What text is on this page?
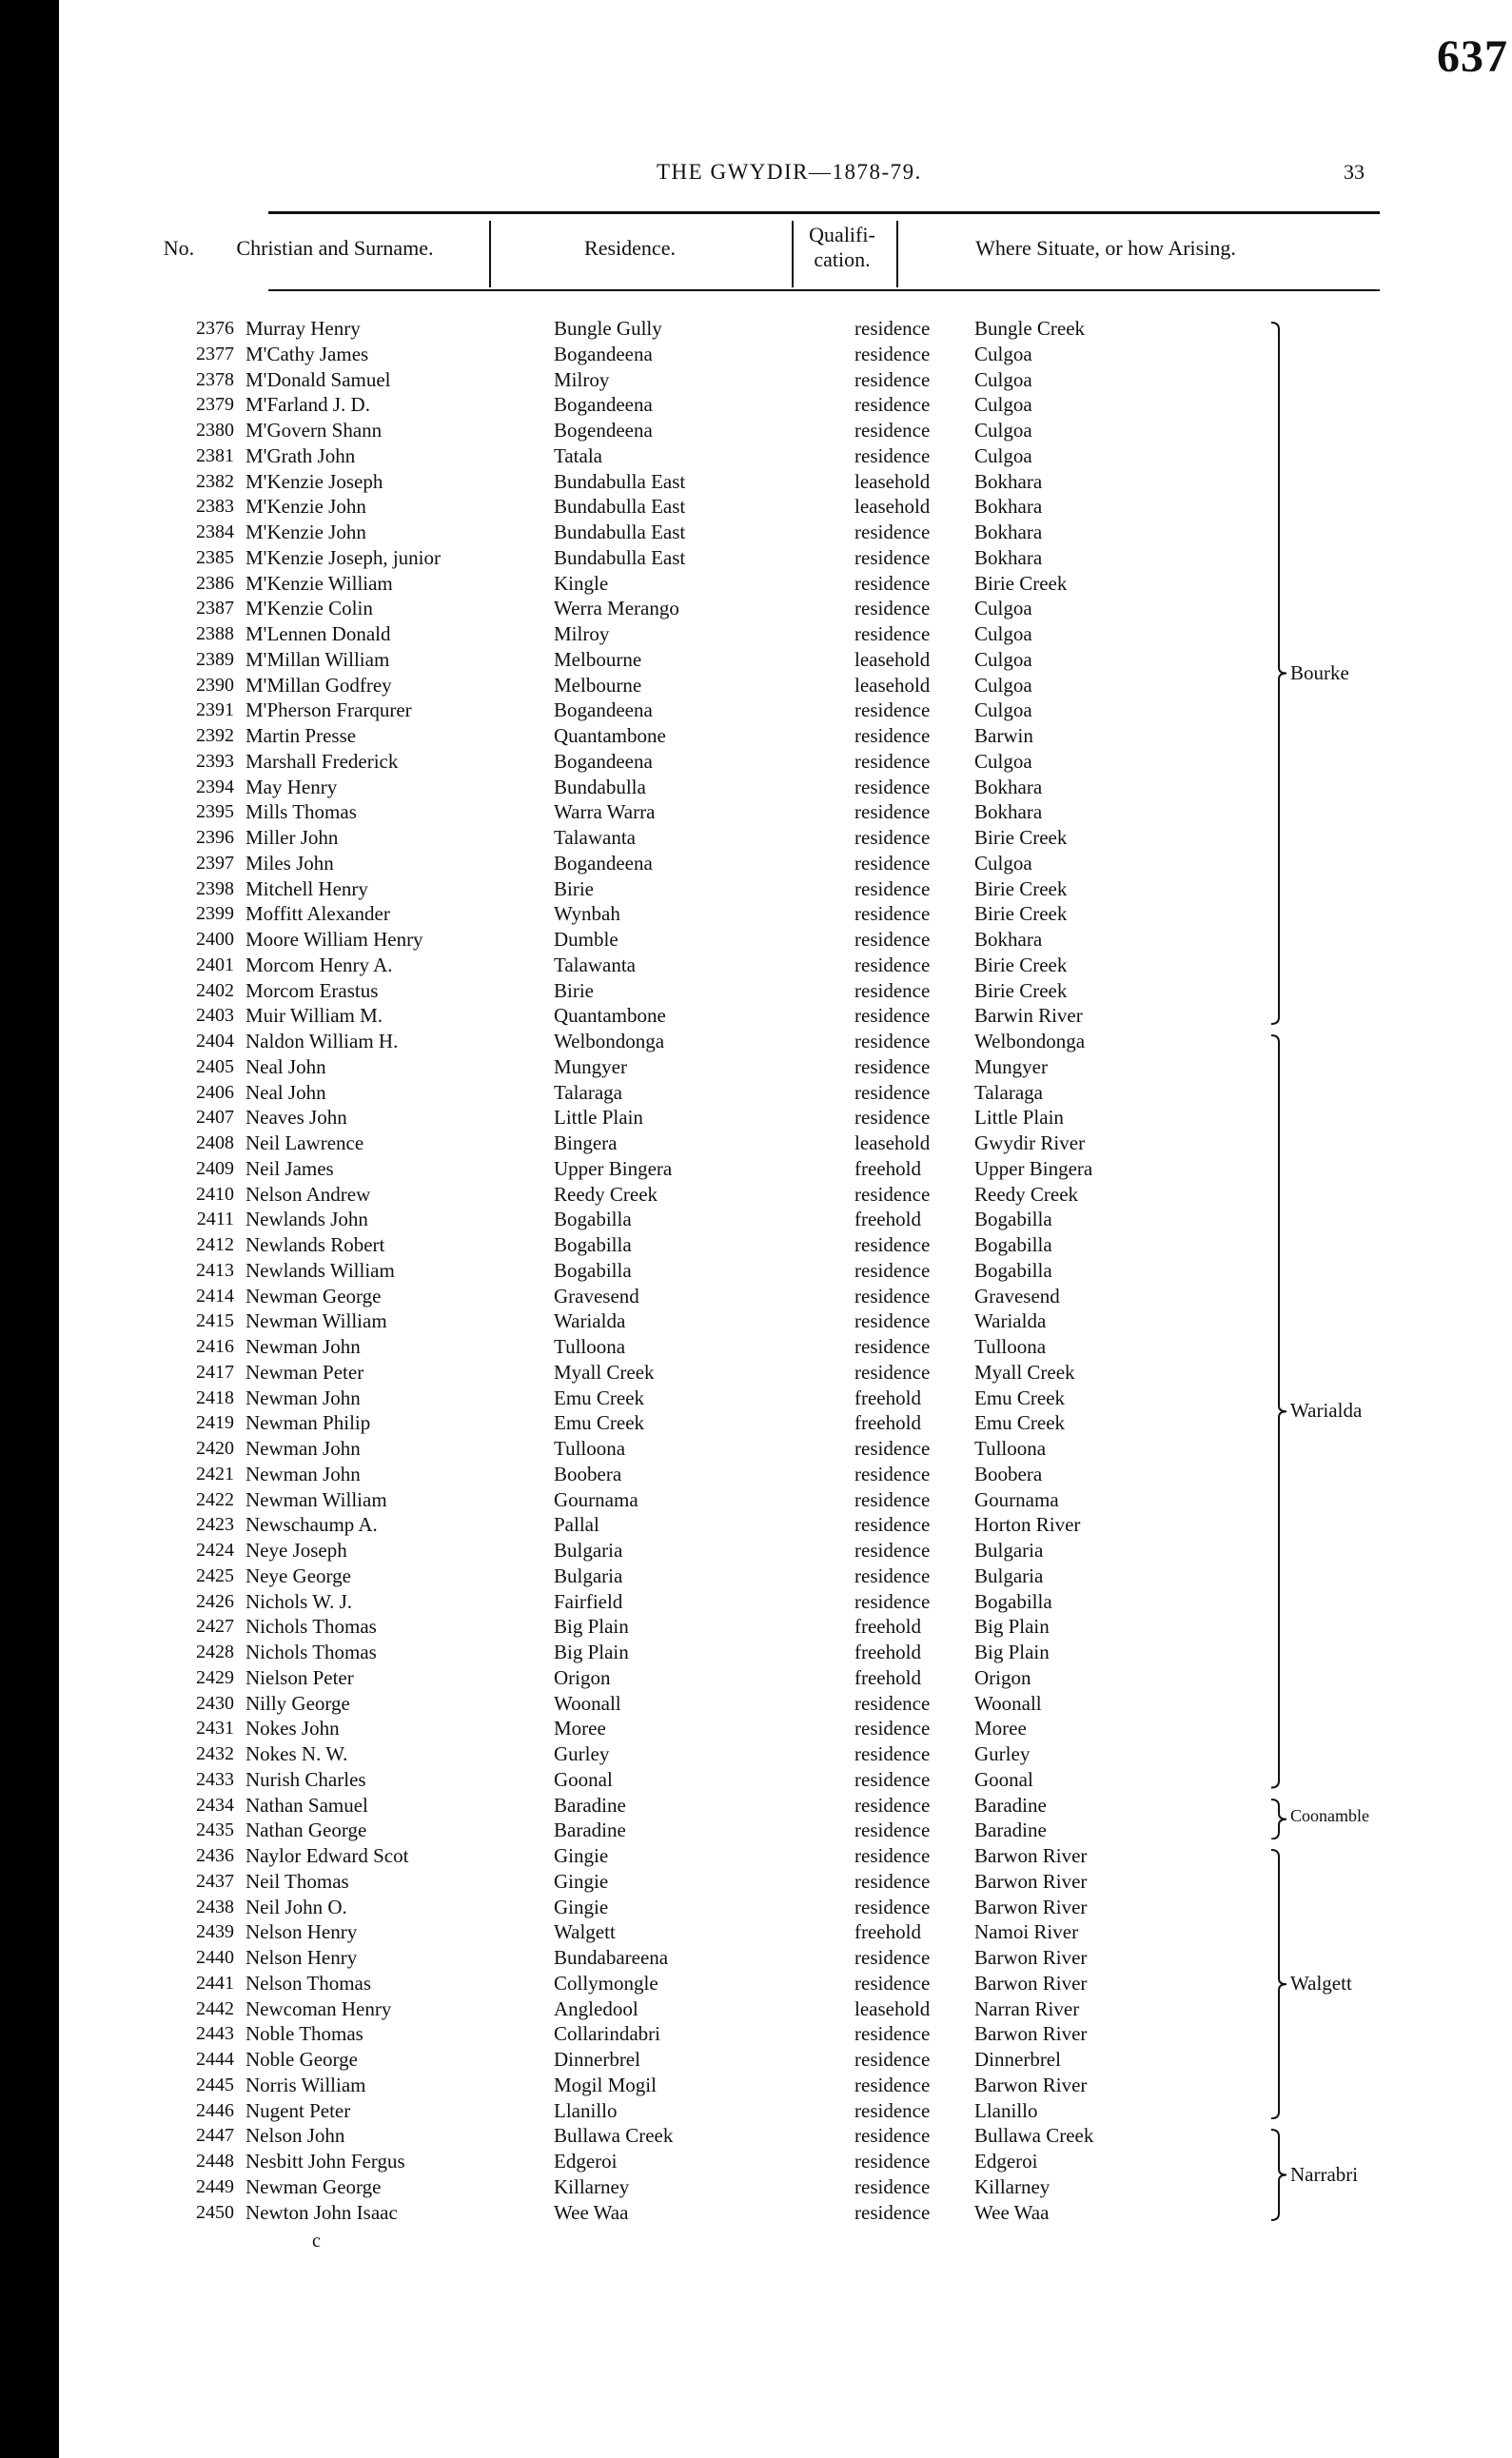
637
THE GWYDIR—1878-79.	33
No.	Christian and Surname.	Residence.
Qualifi-cation.	Where Situate, or how Arising.
2376 Murray Henry	Bungle Gully	residence Bungle Creek
2377 M'Cathy James	Bogandeena	residence Culgoa
2378 M'Donald Samuel	Milroy	residence Culgoa
2379 M'Farland J. D.	Bogandeena	residence Culgoa
2380 M'Govern Shann	Bogendeena	residence Culgoa
2381 M'Grath John	Tatala	residence Culgoa
2382 M'Kenzie Joseph	Bundabulla East	leasehold Bokhara
2383 M'Kenzie John	Bundabulla East	leasehold Bokhara
2384 M'Kenzie John	Bundabulla East	residence Bokhara
2385 M'Kenzie Joseph, junior	Bundabulla East	residence Bokhara
2386 M'Kenzie William	Kingle	residence Birie Creek
2387 M'Kenzie Colin	Werra Merango	residence Culgoa
2388 M'Lennen Donald	Milroy	residence Culgoa
2389 M'Millan William	Melbourne	leasehold Culgoa
2390 M'Millan Godfrey	Melbourne	leasehold Culgoa
2391 M'Pherson Frarqurer	Bogandeena	residence Culgoa
2392 Martin Presse	Quantambone	residence Barwin
2393 Marshall Frederick	Bogandeena	residence Culgoa
2394 May Henry	Bundabulla	residence Bokhara
2395 Mills Thomas	Warra Warra	residence Bokhara
2396 Miller John	Talawanta	residence Birie Creek
2397 Miles John	Bogandeena	residence Culgoa
2398 Mitchell Henry	Birie	residence Birie Creek
2399 Moffitt Alexander	Wynbah	residence Birie Creek
2400 Moore William Henry	Dumble	residence Bokhara
2401 Morcom Henry A.	Talawanta	residence Birie Creek
2402 Morcom Erastus	Birie	residence Birie Creek
2403 Muir William M.	Quantambone	residence Barwin River
2404 Naldon William H.	Welbondonga	residence Welbondonga
2405 Neal John	Mungyer	residence Mungyer
2406 Neal John	Talaraga	residence Talaraga
2407 Neaves John	Little Plain	residence Little Plain
2408 Neil Lawrence	Bingera	leasehold Gwydir River
2409 Neil James	Upper Bingera	freehold	Upper Bingera
2410 Nelson Andrew	Reedy Creek	residence Reedy Creek
2411 Newlands John	Bogabilla	freehold	Bogabilla
2412 Newlands Robert	Bogabilla	residence Bogabilla
2413 Newlands William	Bogabilla	residence Bogabilla
2414 Newman George	Gravesend	residence Gravesend
2415 Newman William	Warialda	residence Warialda
2416 Newman John	Tulloona	residence Tulloona
2417 Newman Peter	Myall Creek	residence Myall Creek
2418 Newman John	Emu Creek	freehold	Emu Creek
2419 Newman Philip	Emu Creek	freehold	Emu Creek
2420 Newman John	Tulloona	residence Tulloona
2421 Newman John	Boobera	residence Boobera
2422 Newman William	Gournama	residence Gournama
2423 Newschaump A.	Pallal	residence Horton River
2424 Neye Joseph	Bulgaria	residence Bulgaria
2425 Neye George	Bulgaria	residence Bulgaria
2426 Nichols W. J.	Fairfield	residence Bogabilla
2427 Nichols Thomas	Big Plain	freehold	Big Plain
2428 Nichols Thomas	Big Plain	freehold	Big Plain
2429 Nielson Peter	Origon	freehold	Origon
2430 Nilly George	Woonall	residence Woonall
2431 Nokes John	Moree	residence Moree
2432 Nokes N. W.	Gurley	residence Gurley
2433 Nurish Charles	Goonal	residence Goonal
2434 Nathan Samuel	Baradine	residence Baradine
2435 Nathan George	Baradine	residence Baradine
2436 Naylor Edward Scot	Gingie	residence Barwon River
2437 Neil Thomas	Gingie	residence Barwon River
2438 Neil John O.	Gingie	residence Barwon River
2439 Nelson Henry	Walgett	freehold	Namoi River
2440 Nelson Henry	Bundabareena	residence Barwon River
2441 Nelson Thomas	Collymongle	residence Barwon River
2442 Newcoman Henry	Angledool	leasehold Narran River
2443 Noble Thomas	Collarindabri	residence Barwon River
2444 Noble George	Dinnerbrel	residence Dinnerbrel
2445 Norris William	Mogil Mogil	residence Barwon River
2446 Nugent Peter	Llanillo	residence Llanillo
2447 Nelson John	Bullawa Creek	residence Bullawa Creek
2448 Nesbitt John Fergus	Edgeroi	residence Edgeroi
2449 Newman George	Killarney	residence Killarney
2450 Newton John Isaac	Wee Waa	residence Wee Waa
Bourke
Warialda
Coonamble
Walgett
Narrabri
c
